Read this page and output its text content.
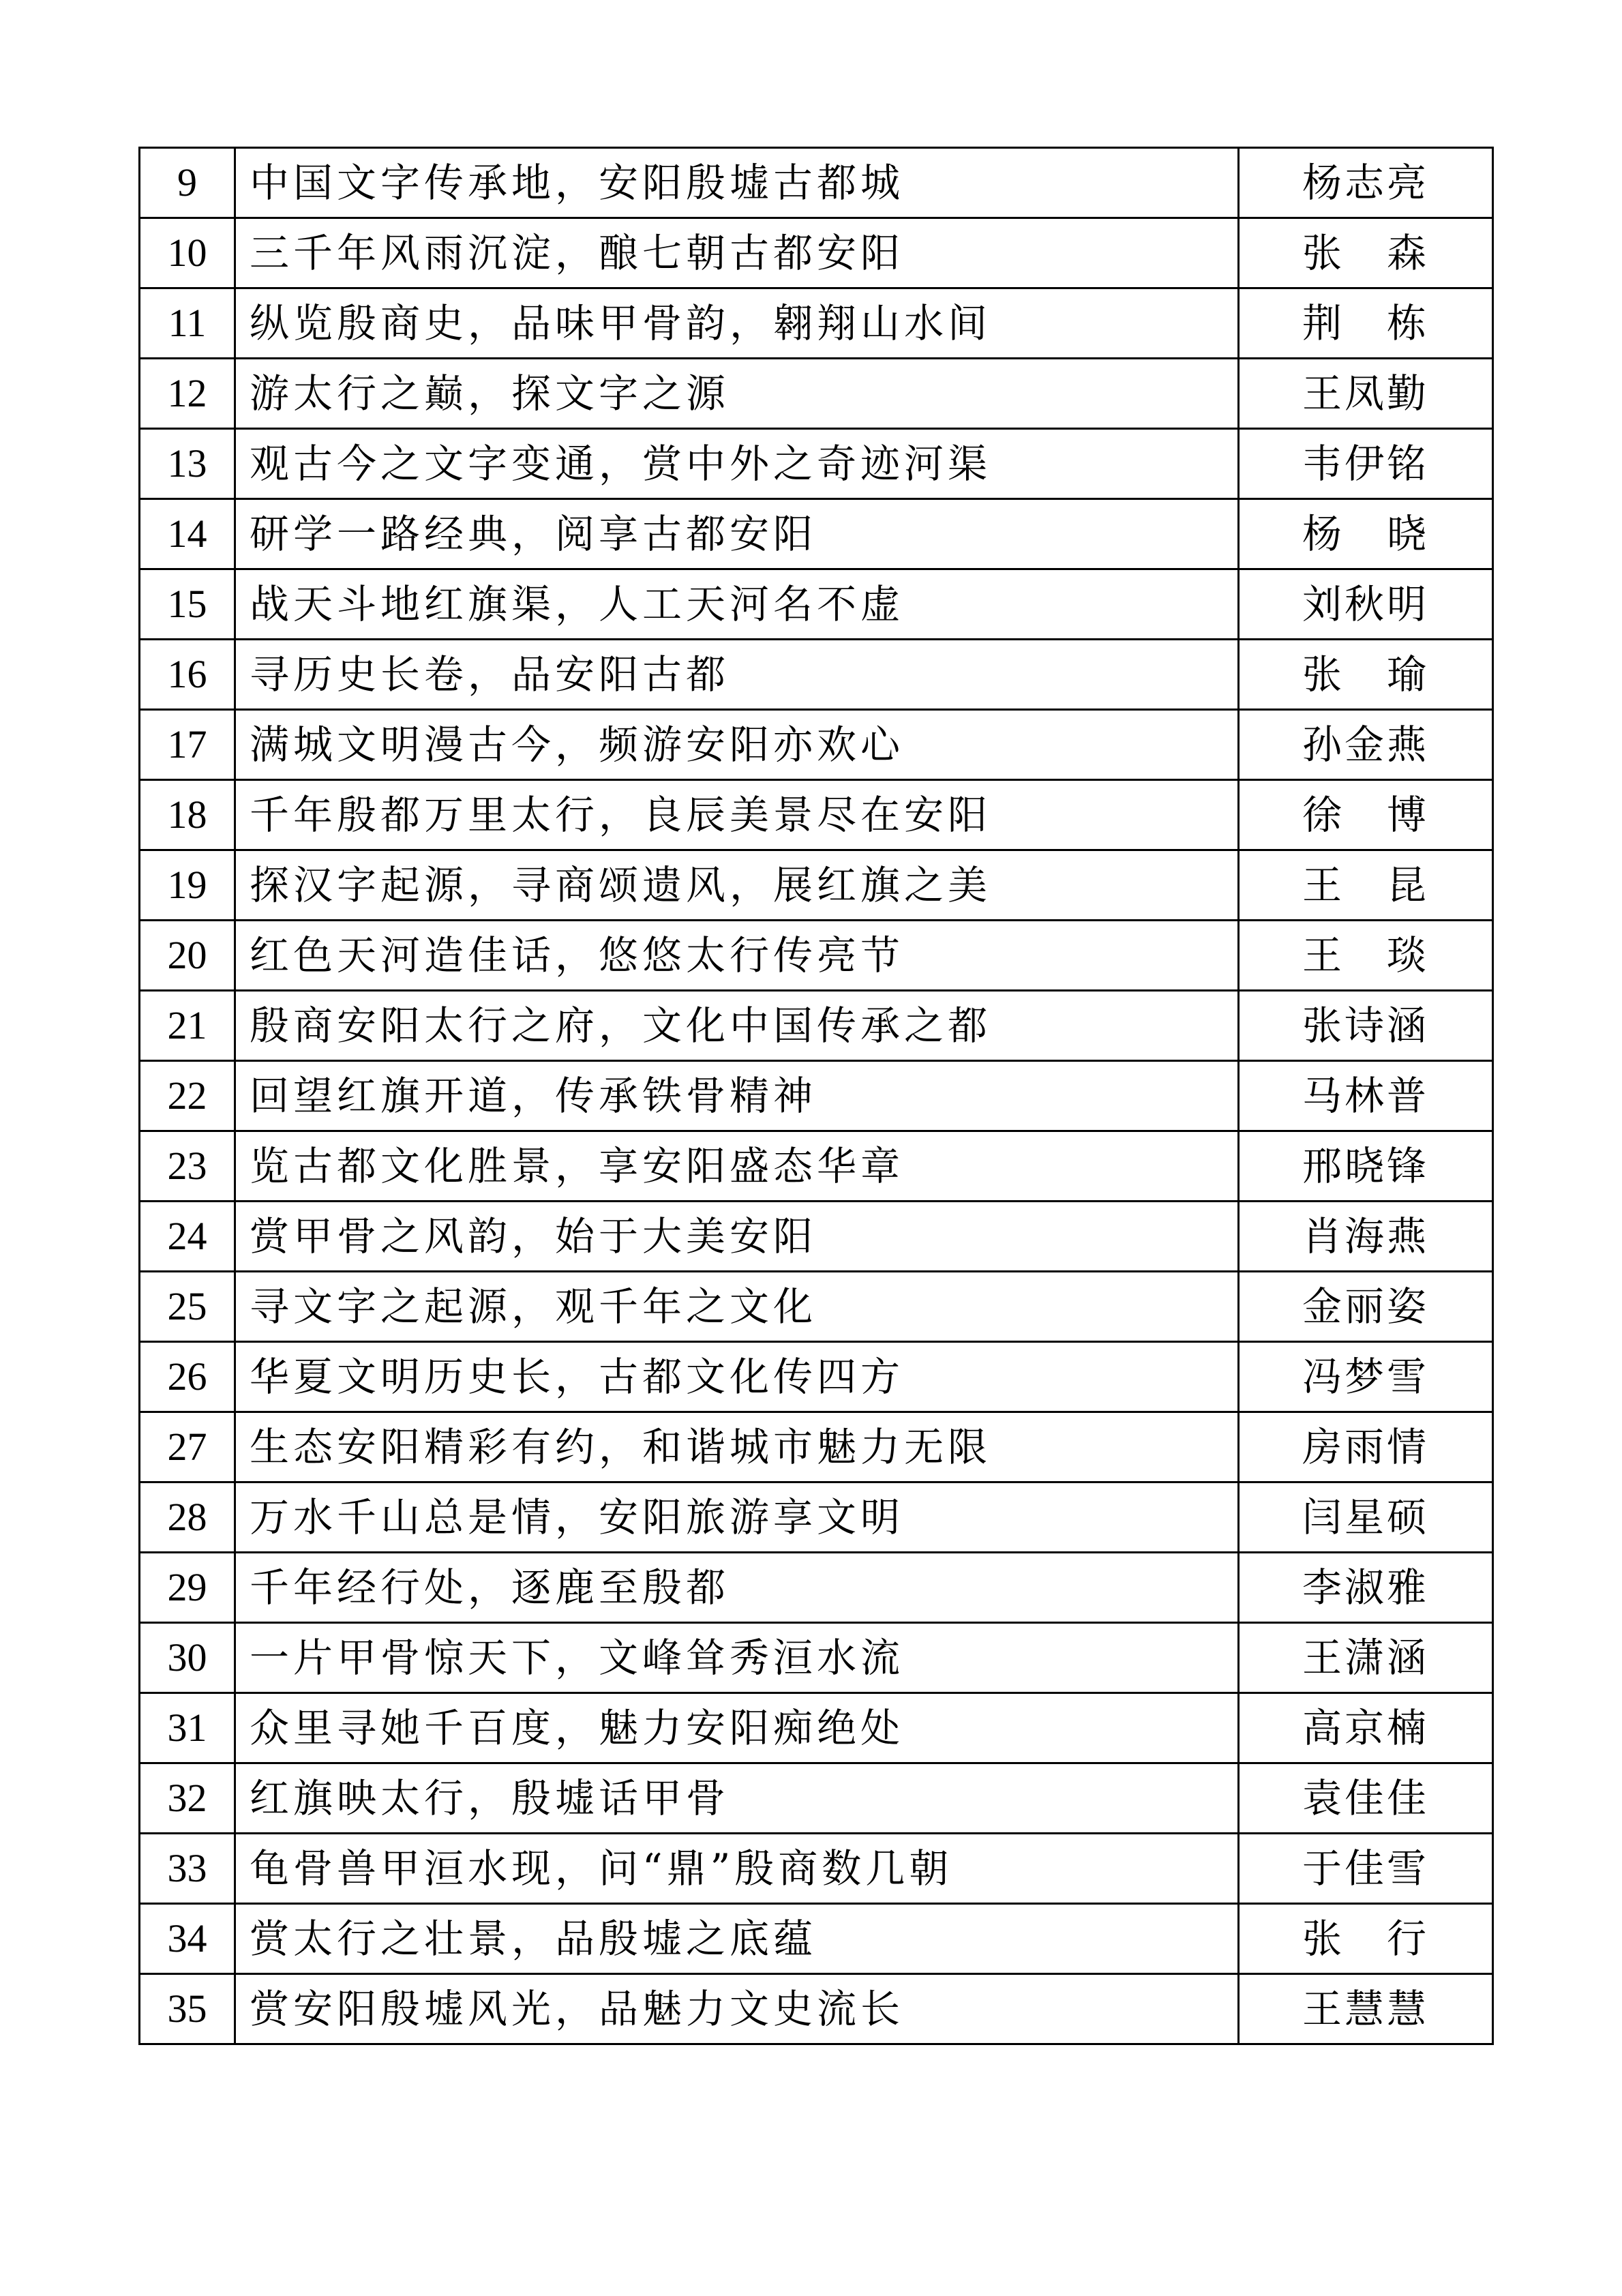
9	中国文字传承地，安阳殷墟古都城	杨志亮
10	三千年风雨沉淀，酿七朝古都安阳	张　森
11	纵览殷商史，品味甲骨韵，翱翔山水间	荆　栋
12	游太行之巅，探文字之源	王凤勤
13	观古今之文字变通，赏中外之奇迹河渠	韦伊铭
14	研学一路经典，阅享古都安阳	杨　晓
15	战天斗地红旗渠，人工天河名不虚	刘秋明
16	寻历史长卷，品安阳古都	张　瑜
17	满城文明漫古今，频游安阳亦欢心	孙金燕
18	千年殷都万里太行，良辰美景尽在安阳	徐　博
19	探汉字起源，寻商颂遗风，展红旗之美	王　昆
20	红色天河造佳话，悠悠太行传亮节	王　琰
21	殷商安阳太行之府，文化中国传承之都	张诗涵
22	回望红旗开道，传承铁骨精神	马林普
23	览古都文化胜景，享安阳盛态华章	邢晓锋
24	赏甲骨之风韵，始于大美安阳	肖海燕
25	寻文字之起源，观千年之文化	金丽姿
26	华夏文明历史长，古都文化传四方	冯梦雪
27	生态安阳精彩有约，和谐城市魅力无限	房雨情
28	万水千山总是情，安阳旅游享文明	闫星硕
29	千年经行处，逐鹿至殷都	李淑雅
30	一片甲骨惊天下，文峰耸秀洹水流	王潇涵
31	众里寻她千百度，魅力安阳痴绝处	高京楠
32	红旗映太行，殷墟话甲骨	袁佳佳
33	龟骨兽甲洹水现，问“鼎”殷商数几朝	于佳雪
34	赏太行之壮景，品殷墟之底蕴	张　行
35	赏安阳殷墟风光，品魅力文史流长	王慧慧
